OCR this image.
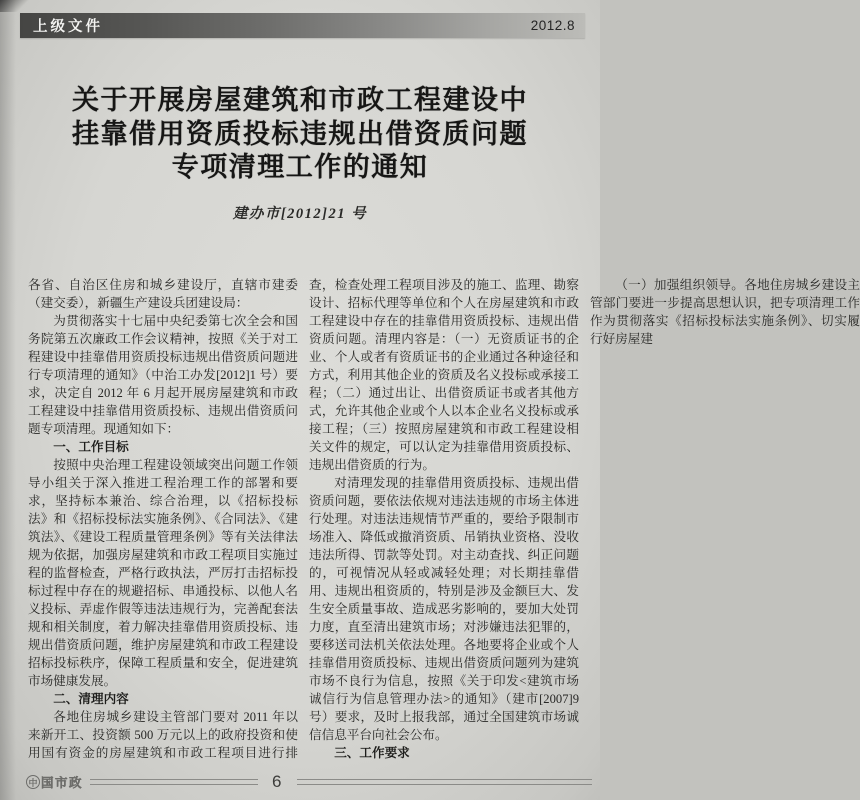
上级文件	2012.8
关于开展房屋建筑和市政工程建设中
挂靠借用资质投标违规出借资质问题
专项清理工作的通知
建办市[2012]21 号

各省、自治区住房和城乡建设厅，直辖市建委（建交委），新疆生产建设兵团建设局：

为贯彻落实十七届中央纪委第七次全会和国务院第五次廉政工作会议精神，按照《关于对工程建设中挂靠借用资质投标违规出借资质问题进行专项清理的通知》（中治工办发[2012]1 号）要求，决定自 2012 年 6 月起开展房屋建筑和市政工程建设中挂靠借用资质投标、违规出借资质问题专项清理。现通知如下：

一、工作目标

按照中央治理工程建设领域突出问题工作领导小组关于深入推进工程治理工作的部署和要求，坚持标本兼治、综合治理，以《招标投标法》和《招标投标法实施条例》、《合同法》、《建筑法》、《建设工程质量管理条例》等有关法律法规为依据，加强房屋建筑和市政工程项目实施过程的监督检查，严格行政执法，严厉打击招标投标过程中存在的规避招标、串通投标、以他人名义投标、弄虚作假等违法违规行为，完善配套法规和相关制度，着力解决挂靠借用资质投标、违规出借资质问题，维护房屋建筑和市政工程建设招标投标秩序，保障工程质量和安全，促进建筑市场健康发展。

二、清理内容

各地住房城乡建设主管部门要对 2011 年以来新开工、投资额 500 万元以上的政府投资和使用国有资金的房屋建筑和市政工程项目进行排查，检查处理工程项目涉及的施工、监理、勘察设计、招标代理等单位和个人在房屋建筑和市政工程建设中存在的挂靠借用资质投标、违规出借资质问题。清理内容是：（一）无资质证书的企业、个人或者有资质证书的企业通过各种途径和方式，利用其他企业的资质及名义投标或承接工程；（二）通过出让、出借资质证书或者其他方式，允许其他企业或个人以本企业名义投标或承接工程；（三）按照房屋建筑和市政工程建设相关文件的规定，可以认定为挂靠借用资质投标、违规出借资质的行为。

对清理发现的挂靠借用资质投标、违规出借资质问题，要依法依规对违法违规的市场主体进行处理。对违法违规情节严重的，要给予限制市场准入、降低或撤消资质、吊销执业资格、没收违法所得、罚款等处罚。对主动查找、纠正问题的，可视情况从轻或减轻处理；对长期挂靠借用、违规出租资质的，特别是涉及金额巨大、发生安全质量事故、造成恶劣影响的，要加大处罚力度，直至清出建筑市场；对涉嫌违法犯罪的，要移送司法机关依法处理。各地要将企业或个人挂靠借用资质投标、违规出借资质问题列为建筑市场不良行为信息，按照《关于印发<建筑市场诚信行为信息管理办法>的通知》（建市[2007]9 号）要求，及时上报我部，通过全国建筑市场诚信信息平台向社会公布。

三、工作要求

（一）加强组织领导。各地住房城乡建设主管部门要进一步提高思想认识，把专项清理工作作为贯彻落实《招标投标法实施条例》、切实履行好房屋建

中 国市政	6
